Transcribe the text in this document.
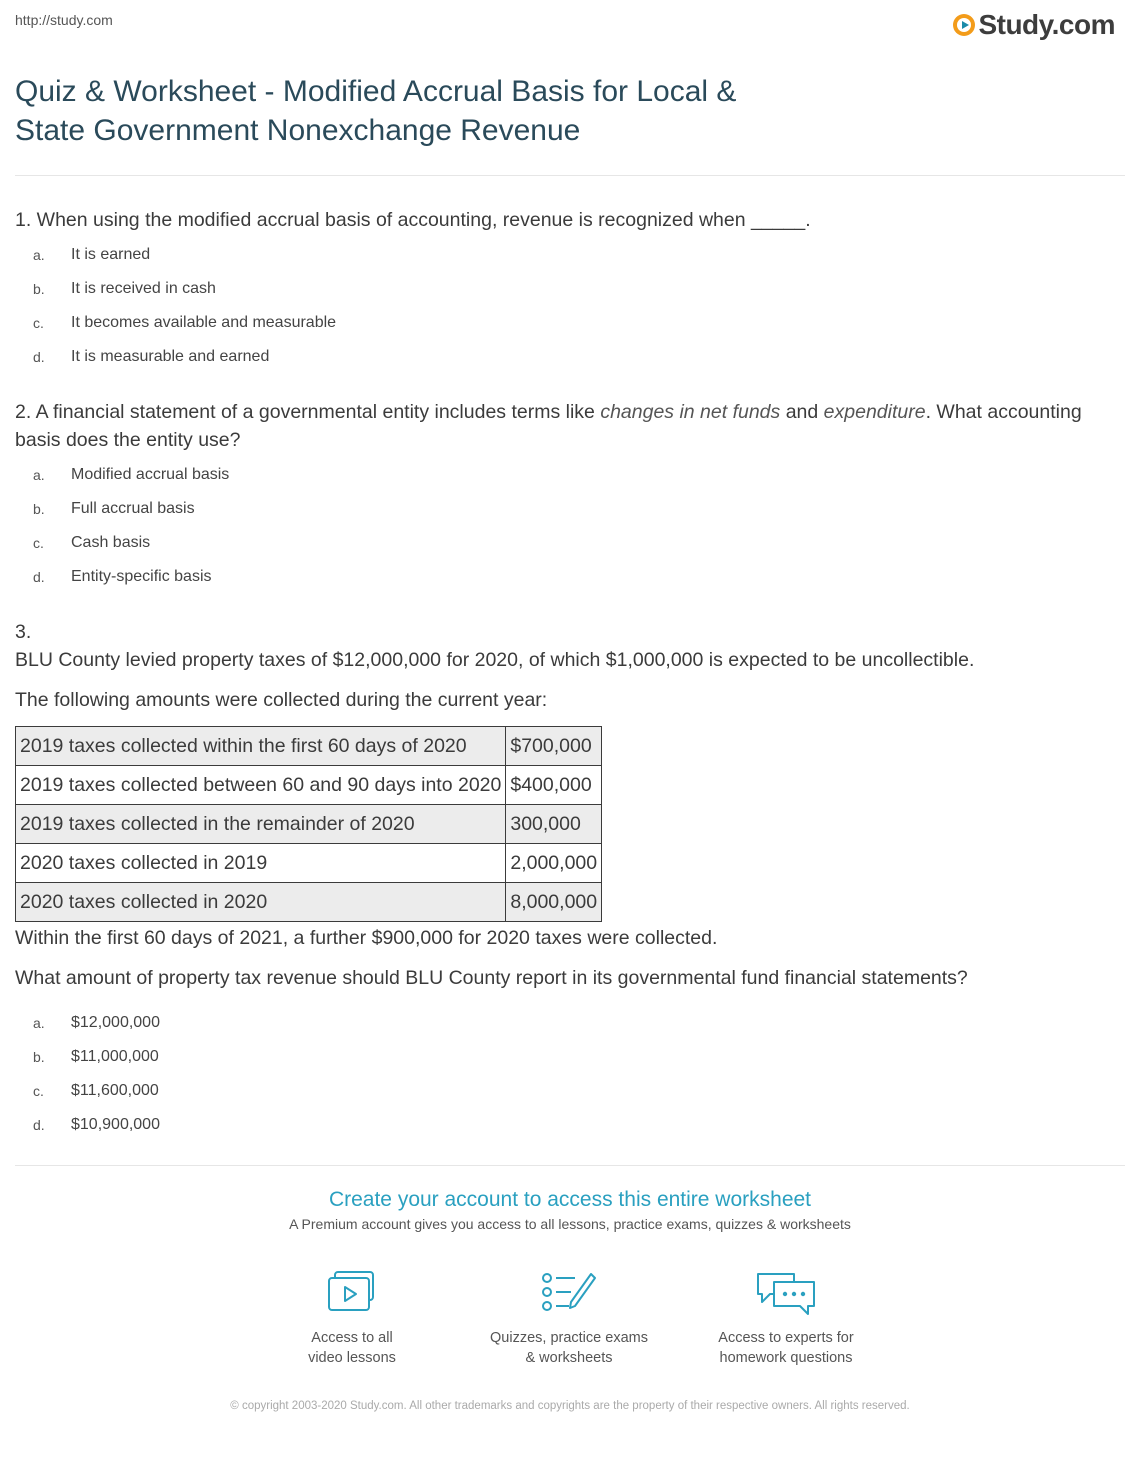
http://study.com	Study.com
Quiz & Worksheet - Modified Accrual Basis for Local &
State Government Nonexchange Revenue
1. When using the modified accrual basis of accounting, revenue is recognized when _____.
a.	It is earned
b.	It is received in cash
c.	It becomes available and measurable
d.	It is measurable and earned
2. A financial statement of a governmental entity includes terms like changes in net funds and expenditure. What accounting basis does the entity use?
a.	Modified accrual basis
b.	Full accrual basis
c.	Cash basis
d.	Entity-specific basis

3.

BLU County levied property taxes of $12,000,000 for 2020, of which $1,000,000 is expected to be uncollectible.

The following amounts were collected during the current year:

2019 taxes collected within the first 60 days of 2020	$700,000
2019 taxes collected between 60 and 90 days into 2020	$400,000
2019 taxes collected in the remainder of 2020	300,000
2020 taxes collected in 2019	2,000,000
2020 taxes collected in 2020	8,000,000

Within the first 60 days of 2021, a further $900,000 for 2020 taxes were collected.

What amount of property tax revenue should BLU County report in its governmental fund financial statements?

a.	$12,000,000
b.	$11,000,000
c.	$11,600,000
d.	$10,900,000
Create your account to access this entire worksheet
A Premium account gives you access to all lessons, practice exams, quizzes & worksheets
Access to all
video lessons
Quizzes, practice exams
& worksheets
Access to experts for
homework questions
© copyright 2003-2020 Study.com. All other trademarks and copyrights are the property of their respective owners. All rights reserved.
